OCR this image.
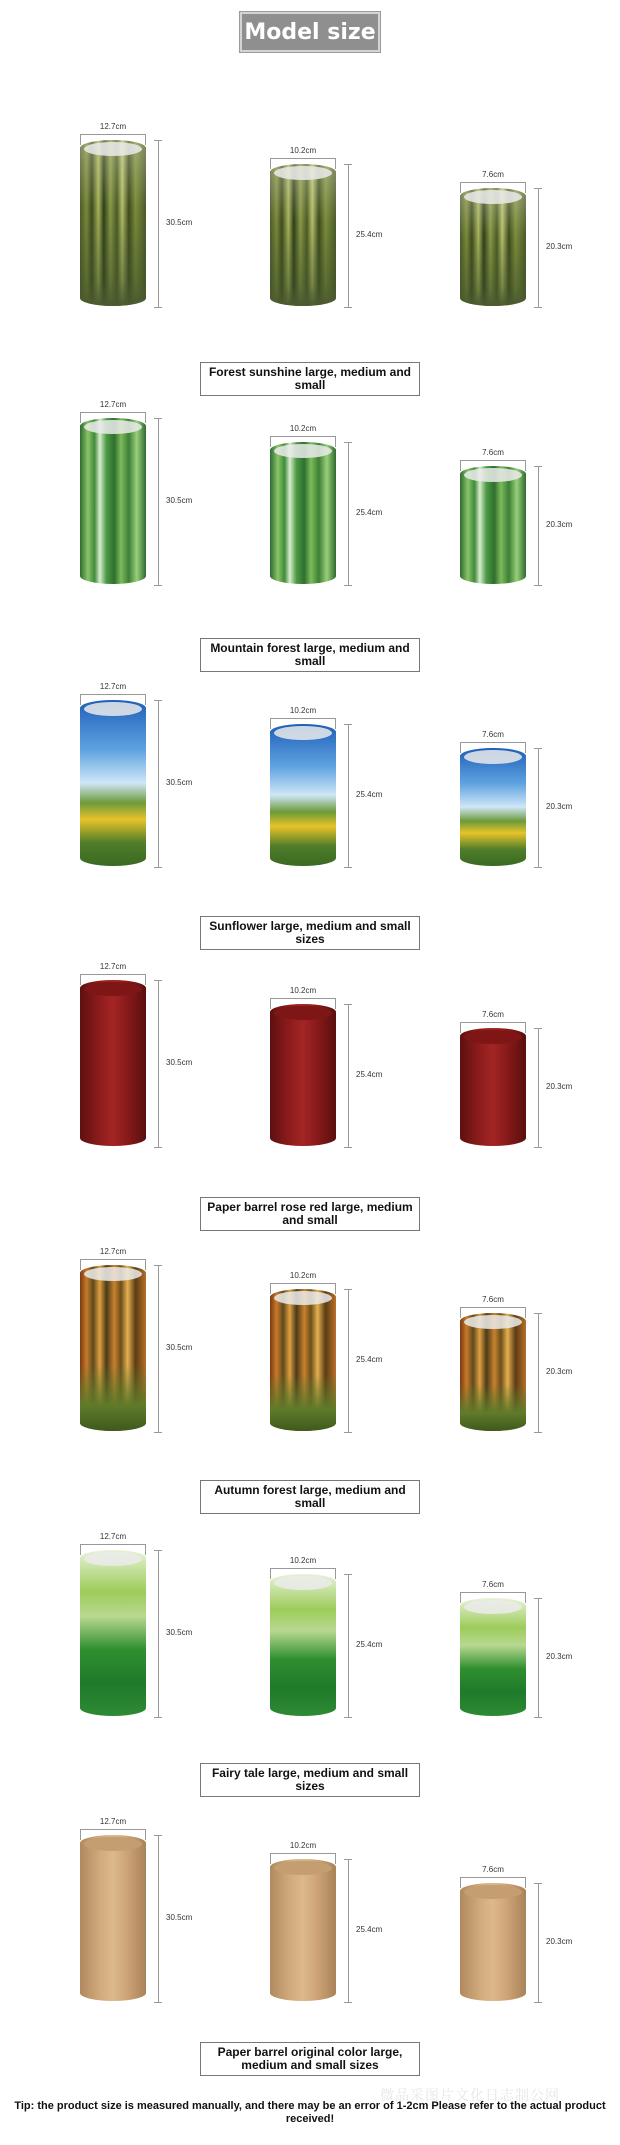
Model size
12.7cm
30.5cm
10.2cm
25.4cm
7.6cm
20.3cm
Forest sunshine large, medium and small
12.7cm
30.5cm
10.2cm
25.4cm
7.6cm
20.3cm
Mountain forest large, medium and small
12.7cm
30.5cm
10.2cm
25.4cm
7.6cm
20.3cm
Sunflower large, medium and small sizes
12.7cm
30.5cm
10.2cm
25.4cm
7.6cm
20.3cm
Paper barrel rose red large, medium and small
12.7cm
30.5cm
10.2cm
25.4cm
7.6cm
20.3cm
Autumn forest large, medium and small
12.7cm
30.5cm
10.2cm
25.4cm
7.6cm
20.3cm
Fairy tale large, medium and small sizes
12.7cm
30.5cm
10.2cm
25.4cm
7.6cm
20.3cm
Paper barrel original color large, medium and small sizes
微品采图片文化日志制公网
Tip: the product size is measured manually, and there may be an error of 1-2cm Please refer to the actual product received!
